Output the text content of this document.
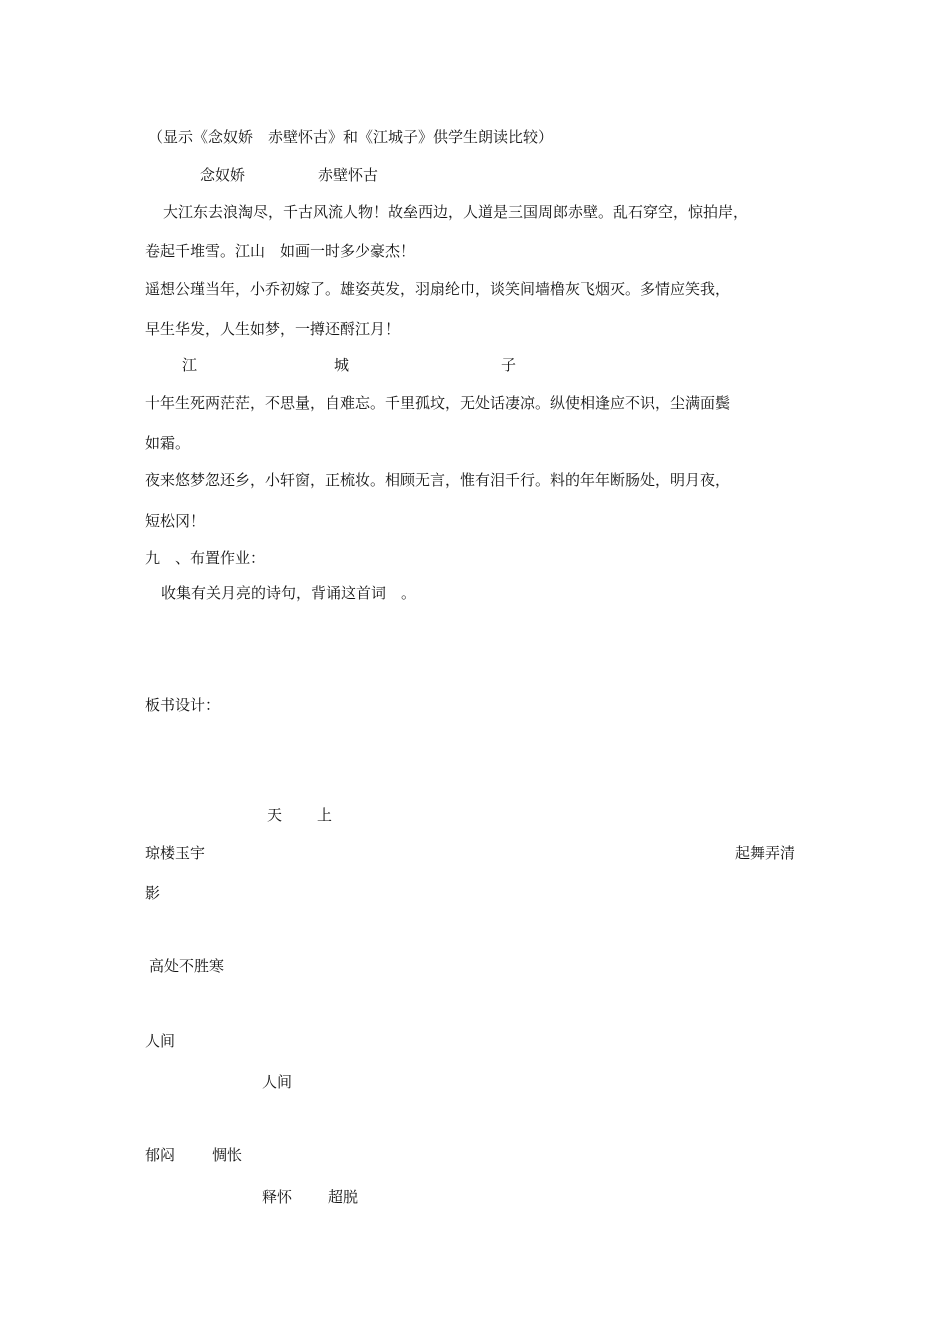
（显示《念奴娇　赤壁怀古》和《江城子》供学生朗读比较）
念奴娇	赤壁怀古
大江东去浪淘尽，千古风流人物！故垒西边，人道是三国周郎赤壁。乱石穿空，惊拍岸，
卷起千堆雪。江山　如画一时多少豪杰！
遥想公瑾当年，小乔初嫁了。雄姿英发，羽扇纶巾，谈笑间墙橹灰飞烟灭。多情应笑我，
早生华发，人生如梦，一撙还酹江月！
江	城	子
十年生死两茫茫，不思量，自难忘。千里孤坟，无处话凄凉。纵使相逢应不识，尘满面鬓
如霜。
夜来悠梦忽还乡，小轩窗，正梳妆。相顾无言，惟有泪千行。料的年年断肠处，明月夜，
短松冈！
九　、布置作业：
收集有关月亮的诗句，背诵这首词　。
板书设计：
天 上
琼楼玉宇	起舞弄清
影
高处不胜寒
人间
人间
郁闷 惆怅
释怀 超脱
